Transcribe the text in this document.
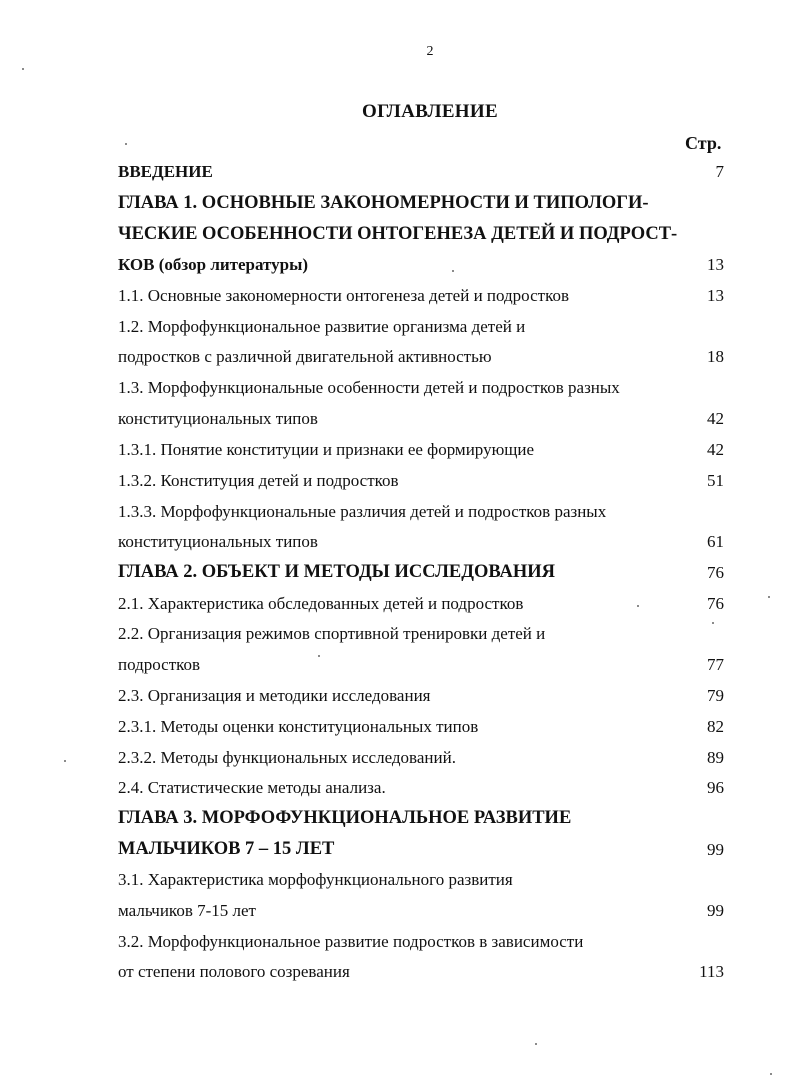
2
ОГЛАВЛЕНИЕ
Стр.
ВВЕДЕНИЕ	7
ГЛАВА 1. ОСНОВНЫЕ ЗАКОНОМЕРНОСТИ И ТИПОЛОГИ-
ЧЕСКИЕ ОСОБЕННОСТИ ОНТОГЕНЕЗА ДЕТЕЙ И ПОДРОСТ-
КОВ (обзор литературы)	13
1.1. Основные закономерности онтогенеза детей и подростков	13
1.2. Морфофункциональное развитие организма детей и
подростков с различной двигательной активностью	18
1.3. Морфофункциональные особенности детей и подростков разных
конституциональных типов	42
1.3.1. Понятие конституции и признаки ее формирующие	42
1.3.2. Конституция детей и подростков	51
1.3.3. Морфофункциональные различия детей и подростков разных
конституциональных типов	61
ГЛАВА 2. ОБЪЕКТ И МЕТОДЫ ИССЛЕДОВАНИЯ	76
2.1. Характеристика обследованных детей и подростков	76
2.2. Организация режимов спортивной тренировки детей и
подростков	77
2.3. Организация и методики исследования	79
2.3.1. Методы оценки конституциональных типов	82
2.3.2. Методы функциональных исследований.	89
2.4. Статистические методы анализа.	96
ГЛАВА 3. МОРФОФУНКЦИОНАЛЬНОЕ РАЗВИТИЕ
МАЛЬЧИКОВ 7 – 15 ЛЕТ	99
3.1. Характеристика морфофункционального развития
мальчиков 7-15 лет	99
3.2. Морфофункциональное развитие подростков в зависимости
от степени полового созревания	113
